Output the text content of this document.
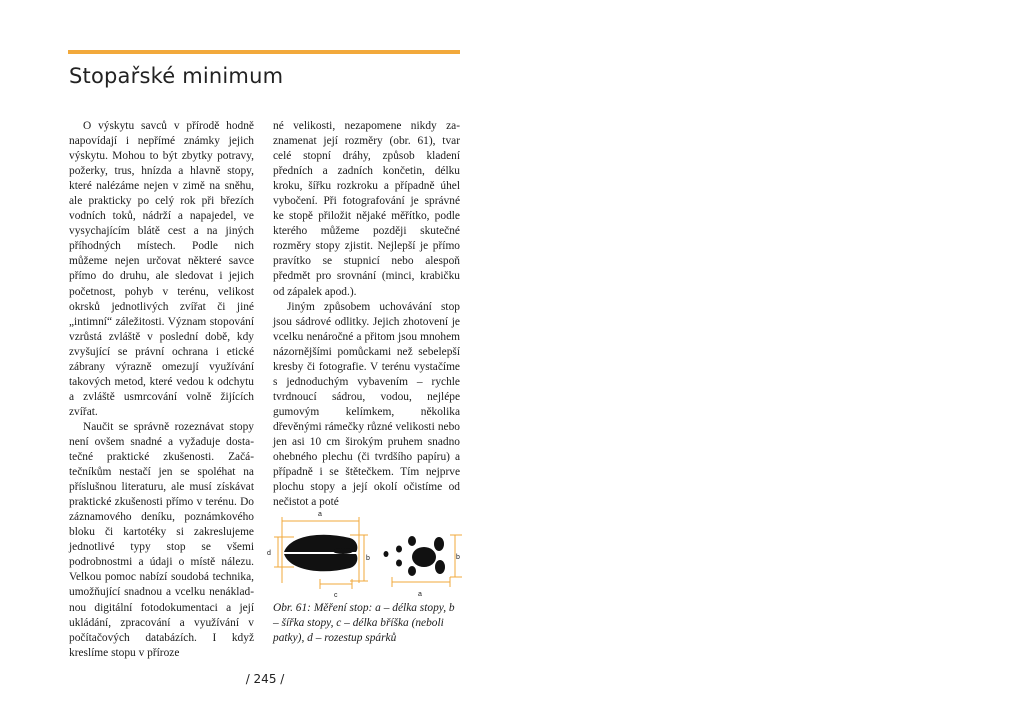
Stopařské minimum

O výskytu savců v přírodě hodně napovídají i nepřímé známky jejich výskytu. Mohou to být zbytky potravy, požerky, trus, hnízda a hlavně stopy, které nalézáme nejen v zimě na sněhu, ale prakticky po celý rok při březích vodních toků, nádrží a napajedel, ve vysychajícím blátě cest a na jiných příhodných místech. Podle nich můžeme nejen určovat některé savce přímo do druhu, ale sledovat i jejich početnost, pohyb v terénu, velikost okrsků jednotlivých zvířat či jiné „intimní“ záležitosti. Význam stopování vzrůstá zvláště v poslední době, kdy zvyšující se právní ochrana i etické zábrany výrazně omezují využívání takových metod, které vedou k odchytu a zvláště usmrcování volně žijících zvířat.

Naučit se správně rozeznávat stopy není ovšem snadné a vyžaduje dostatečné praktické zkušenosti. Začátečníkům nestačí jen se spoléhat na příslušnou literaturu, ale musí získávat praktické zkušenosti přímo v terénu. Do záznamového deníku, poznámkového bloku či kartotéky si zakreslujeme jednotlivé typy stop se všemi podrobnostmi a údaji o místě nálezu. Velkou pomoc nabízí soudobá technika, umožňující snadnou a vcelku nenákladnou digitální fotodokumentaci a její ukládání, zpracování a využívání v počítačových databázích. I když kreslíme stopu v příroze

né velikosti, nezapomene nikdy zaznamenat její rozměry (obr. 61), tvar celé stopní dráhy, způsob kladení předních a zadních končetin, délku kroku, šířku rozkroku a případně úhel vybočení. Při fotografování je správné ke stopě přiložit nějaké měřítko, podle kterého můžeme později skutečné rozměry stopy zjistit. Nejlepší je přímo pravítko se stupnicí nebo alespoň předmět pro srovnání (minci, krabičku od zápalek apod.).

Jiným způsobem uchovávání stop jsou sádrové odlitky. Jejich zhotovení je vcelku nenáročné a přitom jsou mnohem názornějšími pomůckami než sebelepší kresby či fotografie. V terénu vystačíme s jednoduchým vybavením – rychle tvrdnoucí sádrou, vodou, nejlépe gumovým kelímkem, několika dřevěnými rámečky různé velikosti nebo jen asi 10 cm širokým pruhem snadno ohebného plechu (či tvrdšího papíru) a případně i se štětečkem. Tím nejprve plochu stopy a její okolí očistíme od nečistot a poté

a
b
c
d
b
a
Obr. 61: Měření stop: a – délka stopy, b – šířka stopy, c – délka bříška (neboli patky), d – rozestup spárků
/ 245 /
